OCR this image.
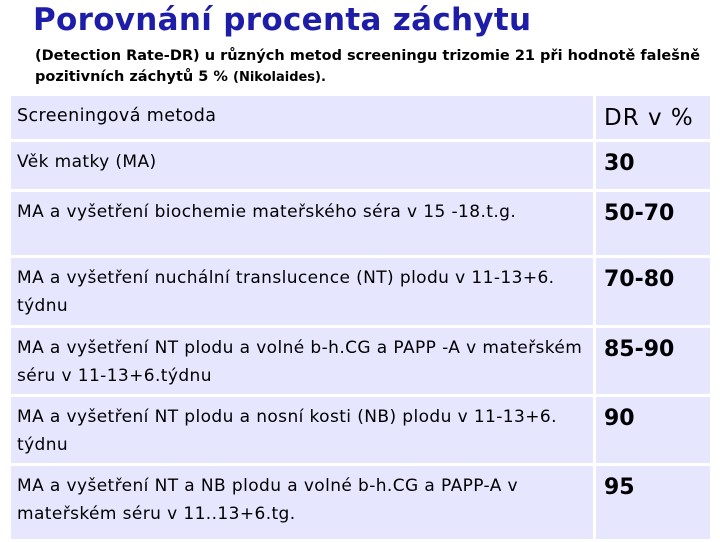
Porovnání procenta záchytu
(Detection Rate-DR) u různých metod screeningu trizomie 21 při hodnotě falešně pozitivních záchytů 5 % (Nikolaides).
Screeningová metoda	DR v %
Věk matky (MA)	30
MA a vyšetření biochemie mateřského séra v 15 -18.t.g.	50-70
MA a vyšetření nuchální translucence (NT) plodu v 11-13+6. týdnu	70-80
MA a vyšetření NT plodu a volné b-h.CG a PAPP -A v mateřském séru v 11-13+6.týdnu	85-90
MA a vyšetření NT plodu a nosní kosti (NB) plodu v 11-13+6. týdnu	90
MA a vyšetření NT a NB plodu a volné b-h.CG a PAPP-A v mateřském séru v 11..13+6.tg.	95
